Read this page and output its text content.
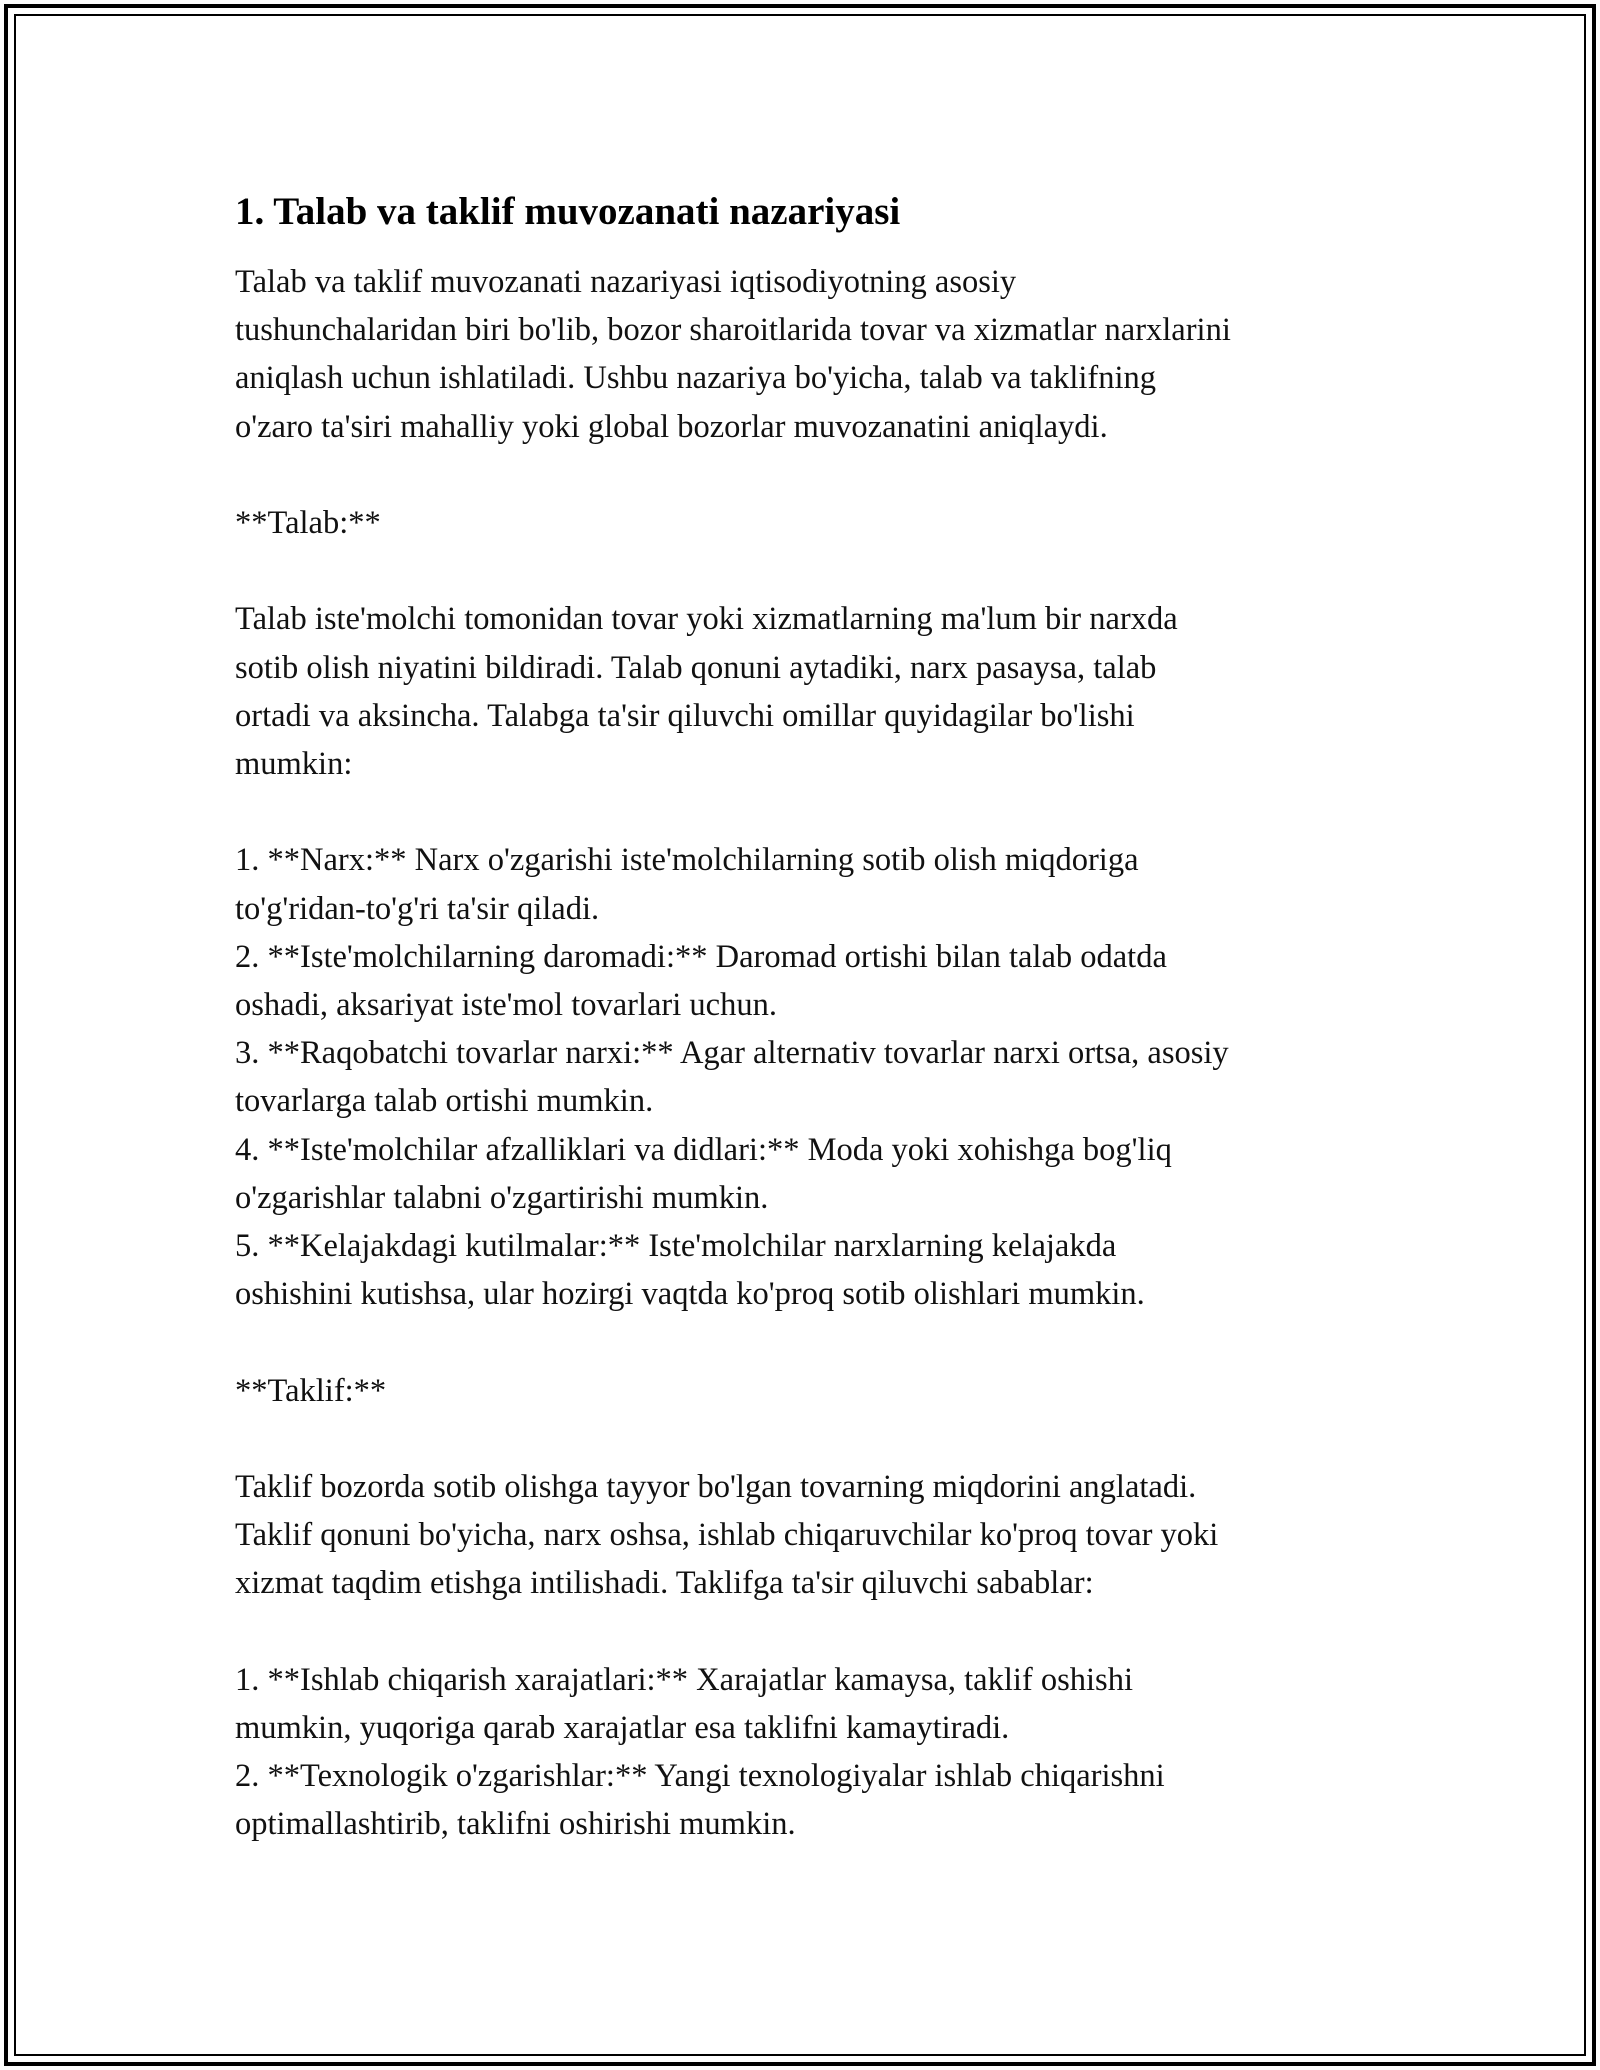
1. Talab va taklif muvozanati nazariyasi

Talab va taklif muvozanati nazariyasi iqtisodiyotning asosiy

tushunchalaridan biri bo'lib, bozor sharoitlarida tovar va xizmatlar narxlarini

aniqlash uchun ishlatiladi. Ushbu nazariya bo'yicha, talab va taklifning

o'zaro ta'siri mahalliy yoki global bozorlar muvozanatini aniqlaydi.

**Talab:**

Talab iste'molchi tomonidan tovar yoki xizmatlarning ma'lum bir narxda

sotib olish niyatini bildiradi. Talab qonuni aytadiki, narx pasaysa, talab

ortadi va aksincha. Talabga ta'sir qiluvchi omillar quyidagilar bo'lishi

mumkin:

1. **Narx:** Narx o'zgarishi iste'molchilarning sotib olish miqdoriga

to'g'ridan-to'g'ri ta'sir qiladi.

2. **Iste'molchilarning daromadi:** Daromad ortishi bilan talab odatda

oshadi, aksariyat iste'mol tovarlari uchun.

3. **Raqobatchi tovarlar narxi:** Agar alternativ tovarlar narxi ortsa, asosiy

tovarlarga talab ortishi mumkin.

4. **Iste'molchilar afzalliklari va didlari:** Moda yoki xohishga bog'liq

o'zgarishlar talabni o'zgartirishi mumkin.

5. **Kelajakdagi kutilmalar:** Iste'molchilar narxlarning kelajakda

oshishini kutishsa, ular hozirgi vaqtda ko'proq sotib olishlari mumkin.

**Taklif:**

Taklif bozorda sotib olishga tayyor bo'lgan tovarning miqdorini anglatadi.

Taklif qonuni bo'yicha, narx oshsa, ishlab chiqaruvchilar ko'proq tovar yoki

xizmat taqdim etishga intilishadi. Taklifga ta'sir qiluvchi sabablar:

1. **Ishlab chiqarish xarajatlari:** Xarajatlar kamaysa, taklif oshishi

mumkin, yuqoriga qarab xarajatlar esa taklifni kamaytiradi.

2. **Texnologik o'zgarishlar:** Yangi texnologiyalar ishlab chiqarishni

optimallashtirib, taklifni oshirishi mumkin.
